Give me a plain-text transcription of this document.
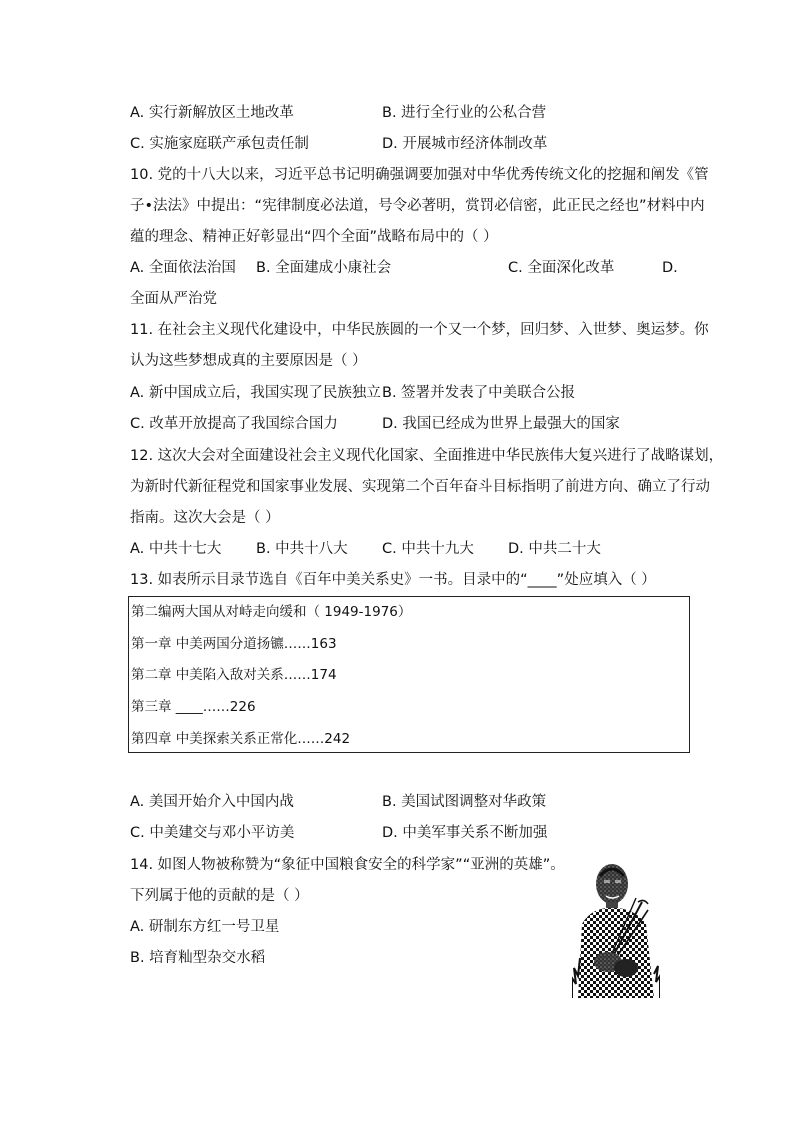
A. 实行新解放区土地改革	B. 进行全行业的公私合营
C. 实施家庭联产承包责任制	D. 开展城市经济体制改革
10. 党的十八大以来，习近平总书记明确强调要加强对中华优秀传统文化的挖掘和阐发《管
子•法法》中提出：“宪律制度必法道，号令必著明，赏罚必信密，此正民之经也”材料中内
蕴的理念、精神正好彰显出“四个全面”战略布局中的（ ）
A. 全面依法治国 B. 全面建成小康社会	C. 全面深化改革	D.
全面从严治党
11. 在社会主义现代化建设中，中华民族圆的一个又一个梦，回归梦、入世梦、奥运梦。你
认为这些梦想成真的主要原因是（ ）
A. 新中国成立后，我国实现了民族独立 B. 签署并发表了中美联合公报
C. 改革开放提高了我国综合国力	D. 我国已经成为世界上最强大的国家
12. 这次大会对全面建设社会主义现代化国家、全面推进中华民族伟大复兴进行了战略谋划，
为新时代新征程党和国家事业发展、实现第二个百年奋斗目标指明了前进方向、确立了行动
指南。这次大会是（ ）
A. 中共十七大 B. 中共十八大 C. 中共十九大 D. 中共二十大
13. 如表所示目录节选自《百年中美关系史》一书。目录中的“____”处应填入（ ）
第二编两大国从对峙走向缓和（ 1949-1976）
第一章 中美两国分道扬镳……163
第二章 中美陷入敌对关系……174
第三章 ____……226
第四章 中美探索关系正常化……242
A. 美国开始介入中国内战	B. 美国试图调整对华政策
C. 中美建交与邓小平访美	D. 中美军事关系不断加强
14. 如图人物被称赞为“象征中国粮食安全的科学家”“亚洲的英雄”。
下列属于他的贡献的是（ ）
A. 研制东方红一号卫星
B. 培育籼型杂交水稻
